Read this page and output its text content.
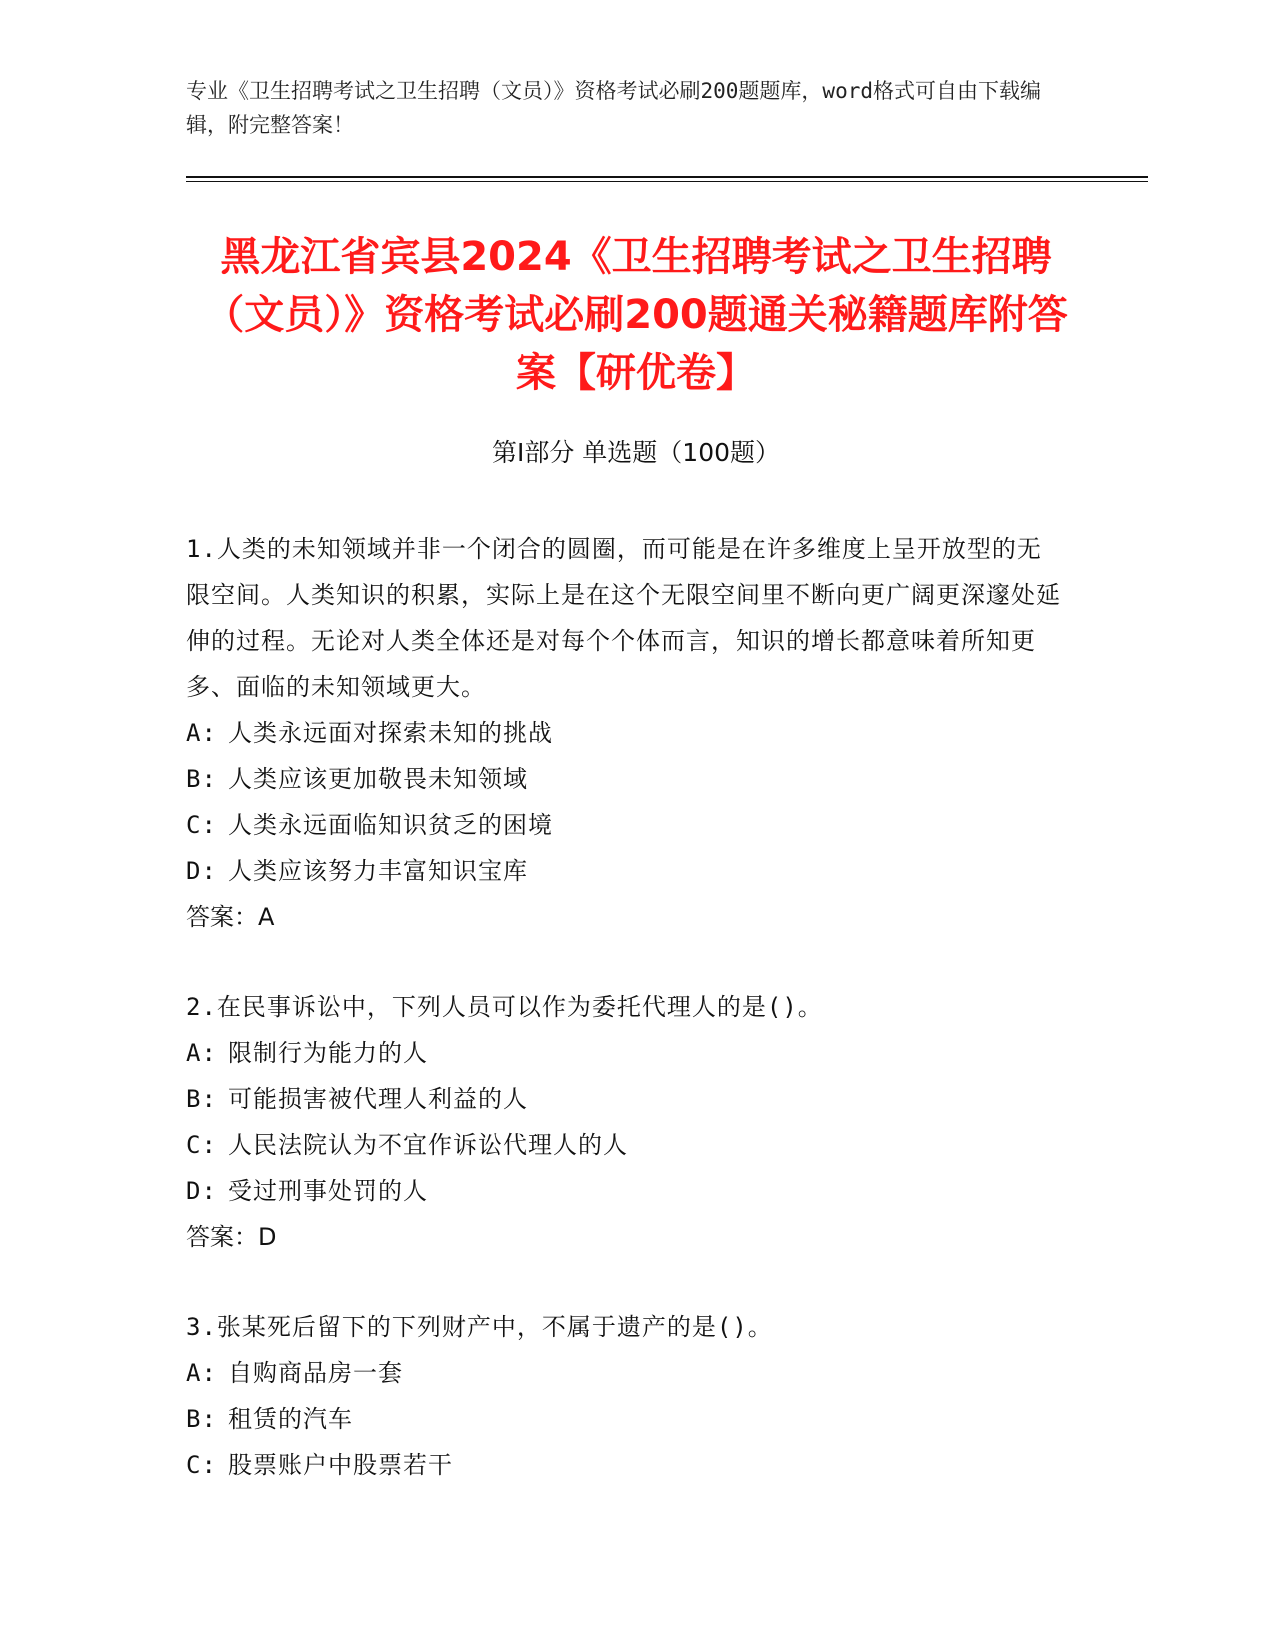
专业《卫生招聘考试之卫生招聘（文员）》资格考试必刷200题题库，word格式可自由下载编辑，附完整答案！
黑龙江省宾县2024《卫生招聘考试之卫生招聘（文员）》资格考试必刷200题通关秘籍题库附答案【研优卷】
第Ⅰ部分 单选题（100题）

1.人类的未知领域并非一个闭合的圆圈，而可能是在许多维度上呈开放型的无限空间。人类知识的积累，实际上是在这个无限空间里不断向更广阔更深邃处延伸的过程。无论对人类全体还是对每个个体而言，知识的增长都意味着所知更多、面临的未知领域更大。

A: 人类永远面对探索未知的挑战

B: 人类应该更加敬畏未知领域

C: 人类永远面临知识贫乏的困境

D: 人类应该努力丰富知识宝库

答案：A

2.在民事诉讼中，下列人员可以作为委托代理人的是()。

A: 限制行为能力的人

B: 可能损害被代理人利益的人

C: 人民法院认为不宜作诉讼代理人的人

D: 受过刑事处罚的人

答案：D

3.张某死后留下的下列财产中，不属于遗产的是()。

A: 自购商品房一套

B: 租赁的汽车

C: 股票账户中股票若干
